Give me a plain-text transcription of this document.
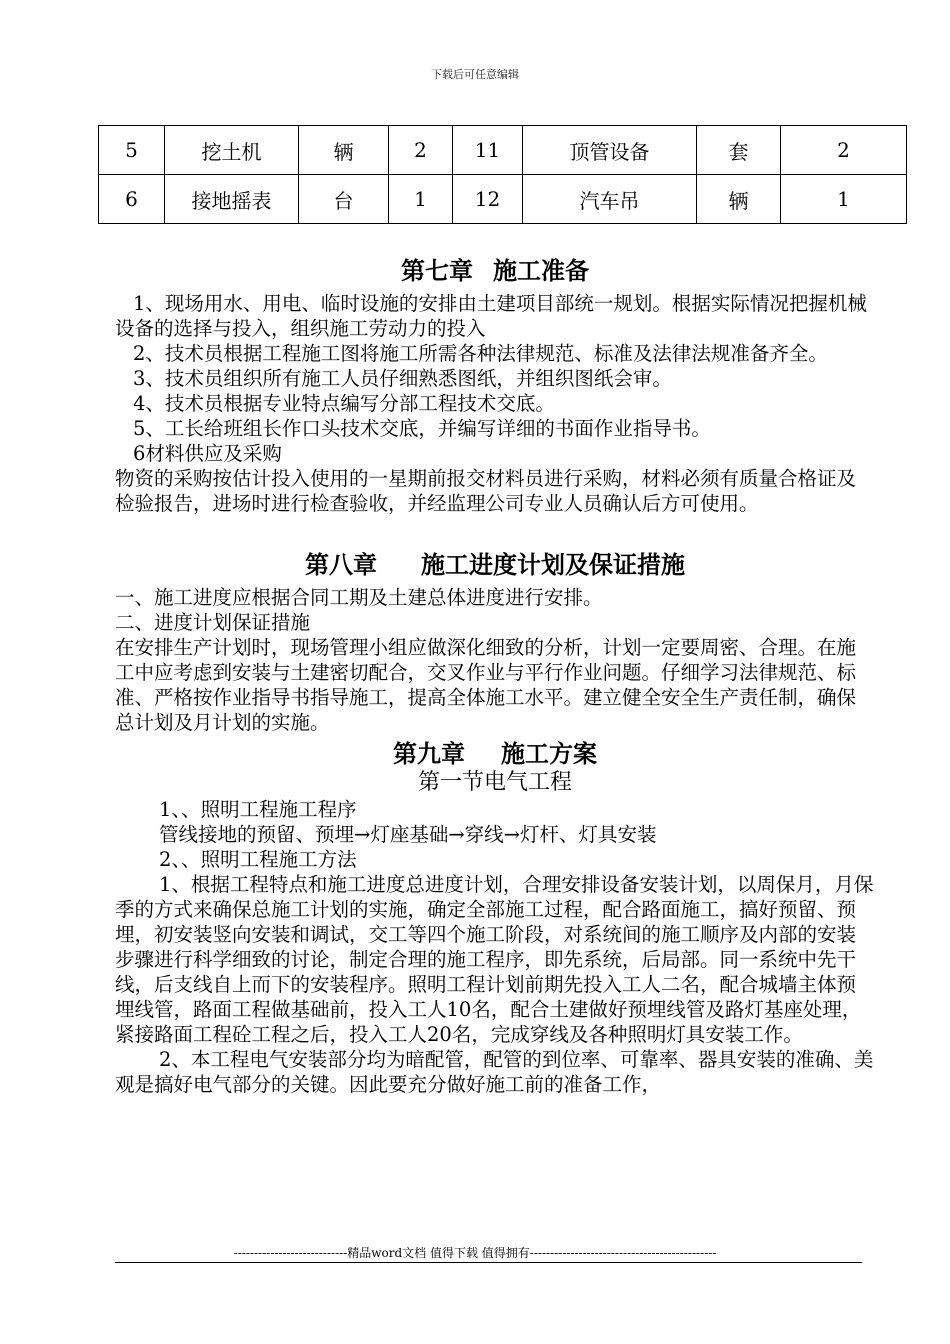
下载后可任意编辑
5	挖土机	辆	2	11	顶管设备	套	2
6	接地摇表	台	1	12	汽车吊	辆	1
第七章 施工准备

1、现场用水、用电、临时设施的安排由土建项目部统一规划。根据实际情况把握机械设备的选择与投入，组织施工劳动力的投入

2、技术员根据工程施工图将施工所需各种法律规范、标准及法律法规准备齐全。

3、技术员组织所有施工人员仔细熟悉图纸，并组织图纸会审。

4、技术员根据专业特点编写分部工程技术交底。

5、工长给班组长作口头技术交底，并编写详细的书面作业指导书。

6材料供应及采购

物资的采购按估计投入使用的一星期前报交材料员进行采购，材料必须有质量合格证及检验报告，进场时进行检查验收，并经监理公司专业人员确认后方可使用。

第八章 施工进度计划及保证措施

一、施工进度应根据合同工期及土建总体进度进行安排。

二、进度计划保证措施

在安排生产计划时，现场管理小组应做深化细致的分析，计划一定要周密、合理。在施工中应考虑到安装与土建密切配合，交叉作业与平行作业问题。仔细学习法律规范、标准、严格按作业指导书指导施工，提高全体施工水平。建立健全安全生产责任制，确保总计划及月计划的实施。

第九章 施工方案

第一节电气工程

1、、照明工程施工程序

管线接地的预留、预埋→灯座基础→穿线→灯杆、灯具安装

2、、照明工程施工方法

1、根据工程特点和施工进度总进度计划，合理安排设备安装计划，以周保月，月保季的方式来确保总施工计划的实施，确定全部施工过程，配合路面施工，搞好预留、预埋，初安装竖向安装和调试，交工等四个施工阶段，对系统间的施工顺序及内部的安装步骤进行科学细致的讨论，制定合理的施工程序，即先系统，后局部。同一系统中先干线，后支线自上而下的安装程序。照明工程计划前期先投入工人二名，配合城墙主体预埋线管，路面工程做基础前，投入工人10名，配合土建做好预埋线管及路灯基座处理，紧接路面工程砼工程之后，投入工人20名，完成穿线及各种照明灯具安装工作。

2、本工程电气安装部分均为暗配管，配管的到位率、可靠率、器具安装的准确、美观是搞好电气部分的关键。因此要充分做好施工前的准备工作，

----------------------------精品word文档 值得下载 值得拥有----------------------------------------------
